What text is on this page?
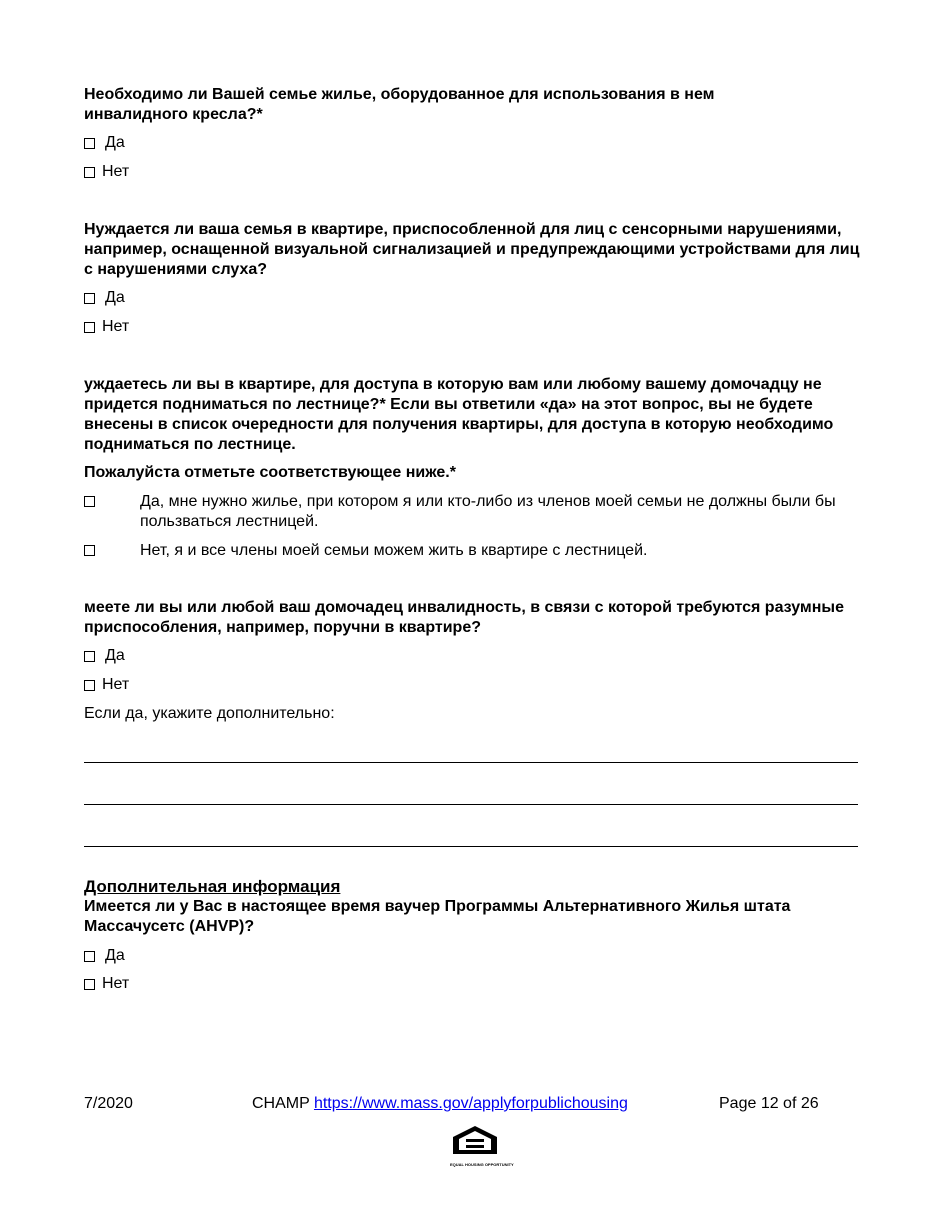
Необходимо ли Вашей семье жилье, оборудованное для использования в нем инвалидного кресла?*

Да
Нет

Нуждается ли ваша семья в квартире, приспособленной для лиц с сенсорными нарушениями, например, оснащенной визуальной сигнализацией и предупреждающими устройствами для лиц с нарушениями слуха?

Да
Нет

уждаетесь ли вы в квартире, для доступа в которую вам или любому вашему домочадцу не придется подниматься по лестнице?* Если вы ответили «да» на этот вопрос, вы не будете внесены в список очередности для получения квартиры, для доступа в которую необходимо подниматься по лестнице.

Пожалуйста отметьте соответствующее ниже.*

Да, мне нужно жилье, при котором я или кто-либо из членов моей семьи не должны были бы пользваться лестницей.
Нет, я и все члены моей семьи можем жить в квартире с лестницей.

меете ли вы или любой ваш домочадец инвалидность, в связи с которой требуются разумные приспособления, например, поручни в квартире?

Да
Нет
Если да, укажите дополнительно:

Дополнительная информация

Имеется ли у Вас в настоящее время ваучер Программы Альтернативного Жилья штата Массачусетс (AHVP)?

Да
Нет
7/2020	CHAMP https://www.mass.gov/applyforpublichousing	Page 12 of 26
EQUAL HOUSING OPPORTUNITY
